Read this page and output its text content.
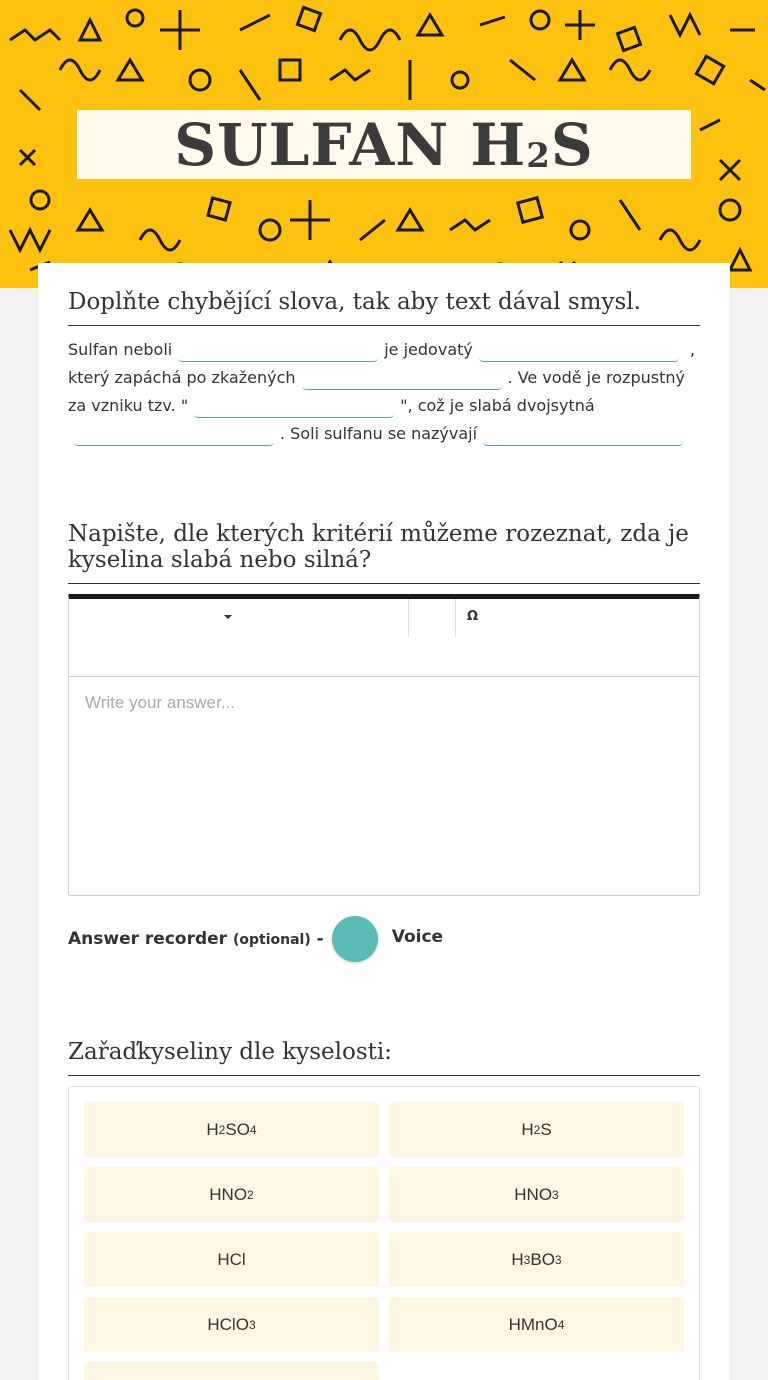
SULFAN $H_2S$
Doplňte chybějící slova, tak aby text dával smysl.
Sulfan neboli	je jedovatý	, který zapáchá po zkažených	. Ve vodě je rozpustný za vzniku tzv. "	", což je slabá dvojsytná . Soli sulfanu se nazývají
Napište, dle kterých kritérií můžeme rozeznat, zda je kyselina slabá nebo silná?
Ω
Write your answer...
Answer recorder (optional) -	Voice
Zařaďkyseliny dle kyselosti:
H 2 SO 4	H 2 S
HNO 2	HNO 3
HCl	H 3 BO 3
HClO 3	HMnO 4
